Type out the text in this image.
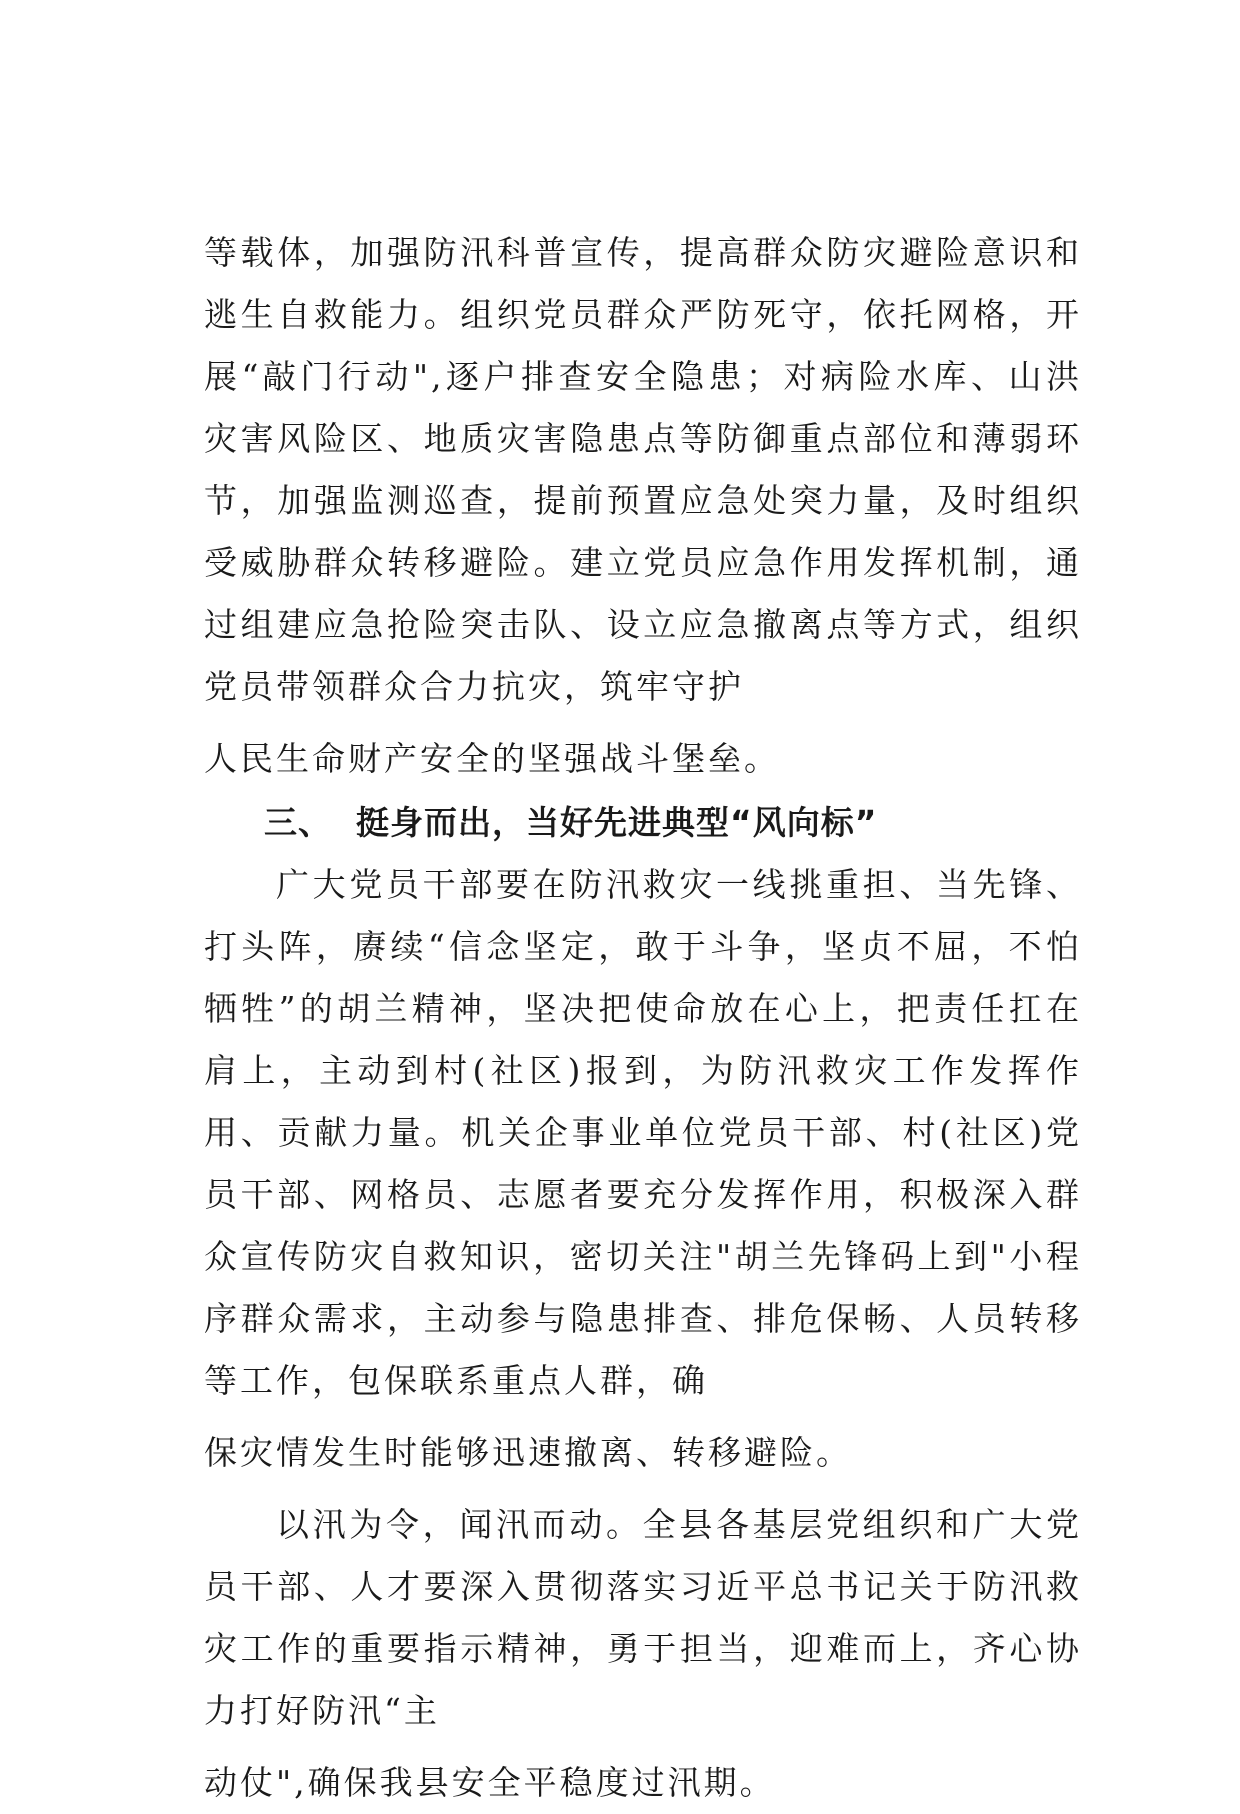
等载体，加强防汛科普宣传，提高群众防灾避险意识和逃生自救能力。组织党员群众严防死守，依托网格，开展“敲门行动",逐户排查安全隐患；对病险水库、山洪灾害风险区、地质灾害隐患点等防御重点部位和薄弱环节，加强监测巡查，提前预置应急处突力量，及时组织受威胁群众转移避险。建立党员应急作用发挥机制，通过组建应急抢险突击队、设立应急撤离点等方式，组织党员带领群众合力抗灾，筑牢守护

人民生命财产安全的坚强战斗堡垒。

三、 挺身而出，当好先进典型“风向标”

广大党员干部要在防汛救灾一线挑重担、当先锋、打头阵，赓续“信念坚定，敢于斗争，坚贞不屈，不怕牺牲”的胡兰精神，坚决把使命放在心上，把责任扛在肩上，主动到村(社区)报到，为防汛救灾工作发挥作用、贡献力量。机关企事业单位党员干部、村(社区)党员干部、网格员、志愿者要充分发挥作用，积极深入群众宣传防灾自救知识，密切关注"胡兰先锋码上到"小程序群众需求，主动参与隐患排查、排危保畅、人员转移等工作，包保联系重点人群，确

保灾情发生时能够迅速撤离、转移避险。

以汛为令，闻汛而动。全县各基层党组织和广大党员干部、人才要深入贯彻落实习近平总书记关于防汛救灾工作的重要指示精神，勇于担当，迎难而上，齐心协力打好防汛“主

动仗",确保我县安全平稳度过汛期。
